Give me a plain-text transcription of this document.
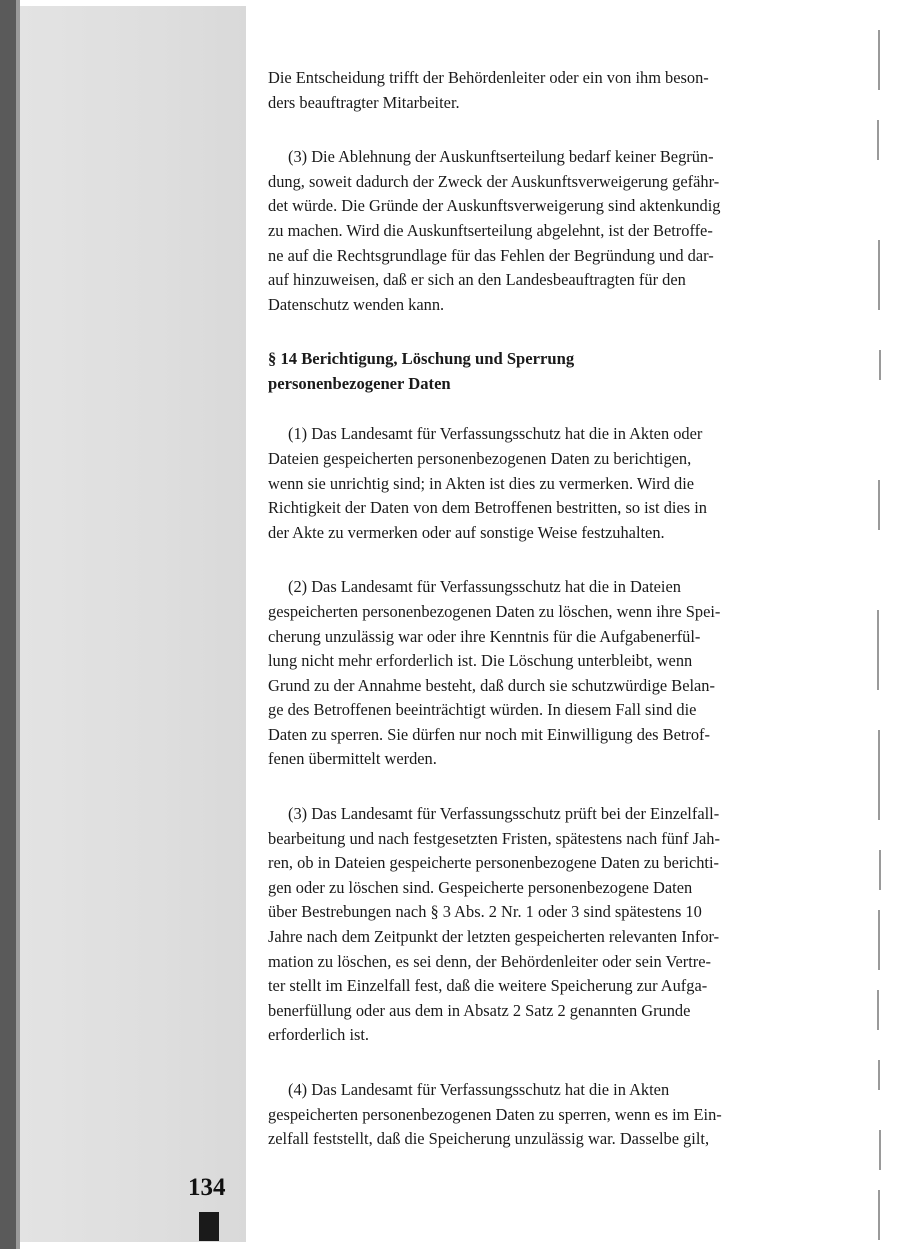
134

Die Entscheidung trifft der Behördenleiter oder ein von ihm beson-
ders beauftragter Mitarbeiter.

(3) Die Ablehnung der Auskunftserteilung bedarf keiner Begrün-
dung, soweit dadurch der Zweck der Auskunftsverweigerung gefähr-
det würde. Die Gründe der Auskunftsverweigerung sind aktenkundig
zu machen. Wird die Auskunftserteilung abgelehnt, ist der Betroffe-
ne auf die Rechtsgrundlage für das Fehlen der Begründung und dar-
auf hinzuweisen, daß er sich an den Landesbeauftragten für den
Datenschutz wenden kann.

§ 14 Berichtigung, Löschung und Sperrung
personenbezogener Daten

(1) Das Landesamt für Verfassungsschutz hat die in Akten oder
Dateien gespeicherten personenbezogenen Daten zu berichtigen,
wenn sie unrichtig sind; in Akten ist dies zu vermerken. Wird die
Richtigkeit der Daten von dem Betroffenen bestritten, so ist dies in
der Akte zu vermerken oder auf sonstige Weise festzuhalten.

(2) Das Landesamt für Verfassungsschutz hat die in Dateien
gespeicherten personenbezogenen Daten zu löschen, wenn ihre Spei-
cherung unzulässig war oder ihre Kenntnis für die Aufgabenerfül-
lung nicht mehr erforderlich ist. Die Löschung unterbleibt, wenn
Grund zu der Annahme besteht, daß durch sie schutzwürdige Belan-
ge des Betroffenen beeinträchtigt würden. In diesem Fall sind die
Daten zu sperren. Sie dürfen nur noch mit Einwilligung des Betrof-
fenen übermittelt werden.

(3) Das Landesamt für Verfassungsschutz prüft bei der Einzelfall-
bearbeitung und nach festgesetzten Fristen, spätestens nach fünf Jah-
ren, ob in Dateien gespeicherte personenbezogene Daten zu berichti-
gen oder zu löschen sind. Gespeicherte personenbezogene Daten
über Bestrebungen nach § 3 Abs. 2 Nr. 1 oder 3 sind spätestens 10
Jahre nach dem Zeitpunkt der letzten gespeicherten relevanten Infor-
mation zu löschen, es sei denn, der Behördenleiter oder sein Vertre-
ter stellt im Einzelfall fest, daß die weitere Speicherung zur Aufga-
benerfüllung oder aus dem in Absatz 2 Satz 2 genannten Grunde
erforderlich ist.

(4) Das Landesamt für Verfassungsschutz hat die in Akten
gespeicherten personenbezogenen Daten zu sperren, wenn es im Ein-
zelfall feststellt, daß die Speicherung unzulässig war. Dasselbe gilt,
